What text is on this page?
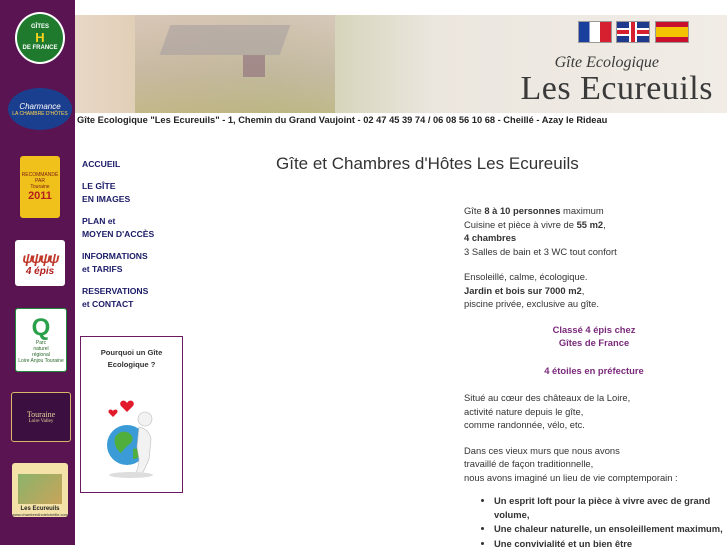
GÎTES
H
DE FRANCE
Charmance
LA CHAMBRE D'HÔTES
RECOMMANDÉ PAR
Touraine
2011
ψψψψ
4 épis
Q
Parc
naturel
régional
Loire Anjou Touraine
Touraine
Loire Valley
Les Ecureuils
www.chambredhotelcheille.com
Gîte Ecologique
Les Ecureuils
Gîte Ecologique "Les Ecureuils" - 1, Chemin du Grand Vaujoint - 02 47 45 39 74 / 06 08 56 10 68 - Cheillé - Azay le Rideau
ACCUEIL
LE GÎTE
EN IMAGES
PLAN et
MOYEN D'ACCÈS
INFORMATIONS
et TARIFS
RESERVATIONS
et CONTACT
Pourquoi un Gîte
Ecologique ?
Gîte et Chambres d'Hôtes Les Ecureuils

Gîte 8 à 10 personnes maximum
Cuisine et pièce à vivre de 55 m2,
4 chambres
3 Salles de bain et 3 WC tout confort

Ensoleillé, calme, écologique.
Jardin et bois sur 7000 m2,
piscine privée, exclusive au gîte.

Classé 4 épis chez
Gîtes de France

4 étoiles en préfecture

Situé au cœur des châteaux de la Loire,
activité nature depuis le gîte,
comme randonnée, vélo, etc.

Dans ces vieux murs que nous avons
travaillé de façon traditionnelle,
nous avons imaginé un lieu de vie comptemporain :

• Un esprit loft pour la pièce à vivre avec de grand volume,
• Une chaleur naturelle, un ensoleillement maximum,
• Une convivialité et un bien être
